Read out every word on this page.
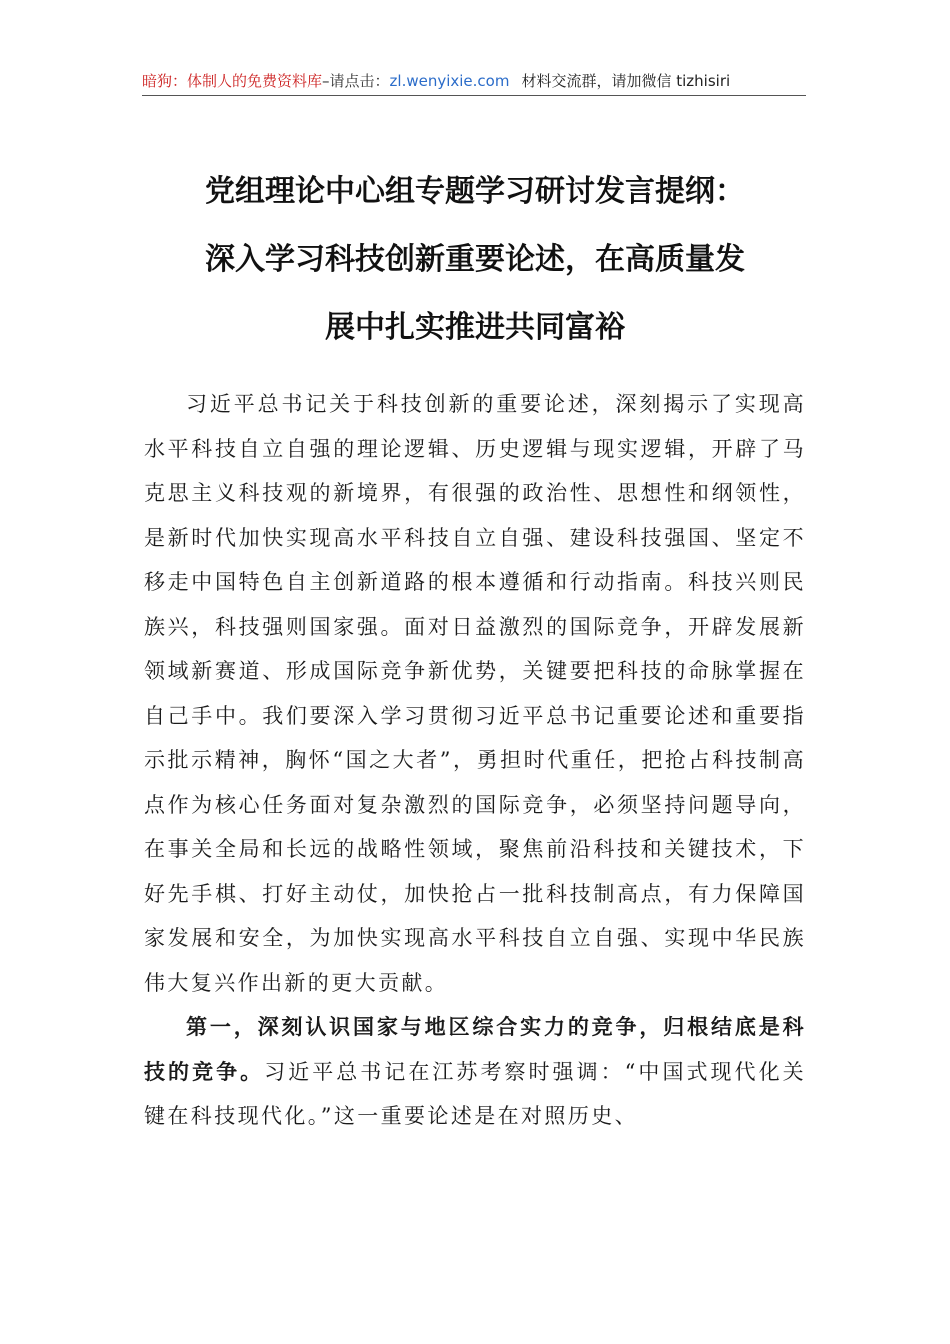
暗狗：体制人的免费资料库–请点击：zl.wenyixie.com 材料交流群，请加微信 tizhisiri
党组理论中心组专题学习研讨发言提纲：
深入学习科技创新重要论述，在高质量发
展中扎实推进共同富裕

习近平总书记关于科技创新的重要论述，深刻揭示了实现高水平科技自立自强的理论逻辑、历史逻辑与现实逻辑，开辟了马克思主义科技观的新境界，有很强的政治性、思想性和纲领性，是新时代加快实现高水平科技自立自强、建设科技强国、坚定不移走中国特色自主创新道路的根本遵循和行动指南。科技兴则民族兴，科技强则国家强。面对日益激烈的国际竞争，开辟发展新领域新赛道、形成国际竞争新优势，关键要把科技的命脉掌握在自己手中。我们要深入学习贯彻习近平总书记重要论述和重要指示批示精神，胸怀“国之大者”，勇担时代重任，把抢占科技制高点作为核心任务面对复杂激烈的国际竞争，必须坚持问题导向，在事关全局和长远的战略性领域，聚焦前沿科技和关键技术，下好先手棋、打好主动仗，加快抢占一批科技制高点，有力保障国家发展和安全，为加快实现高水平科技自立自强、实现中华民族伟大复兴作出新的更大贡献。

第一，深刻认识国家与地区综合实力的竞争，归根结底是科技的竞争。习近平总书记在江苏考察时强调：“中国式现代化关键在科技现代化。”这一重要论述是在对照历史、
